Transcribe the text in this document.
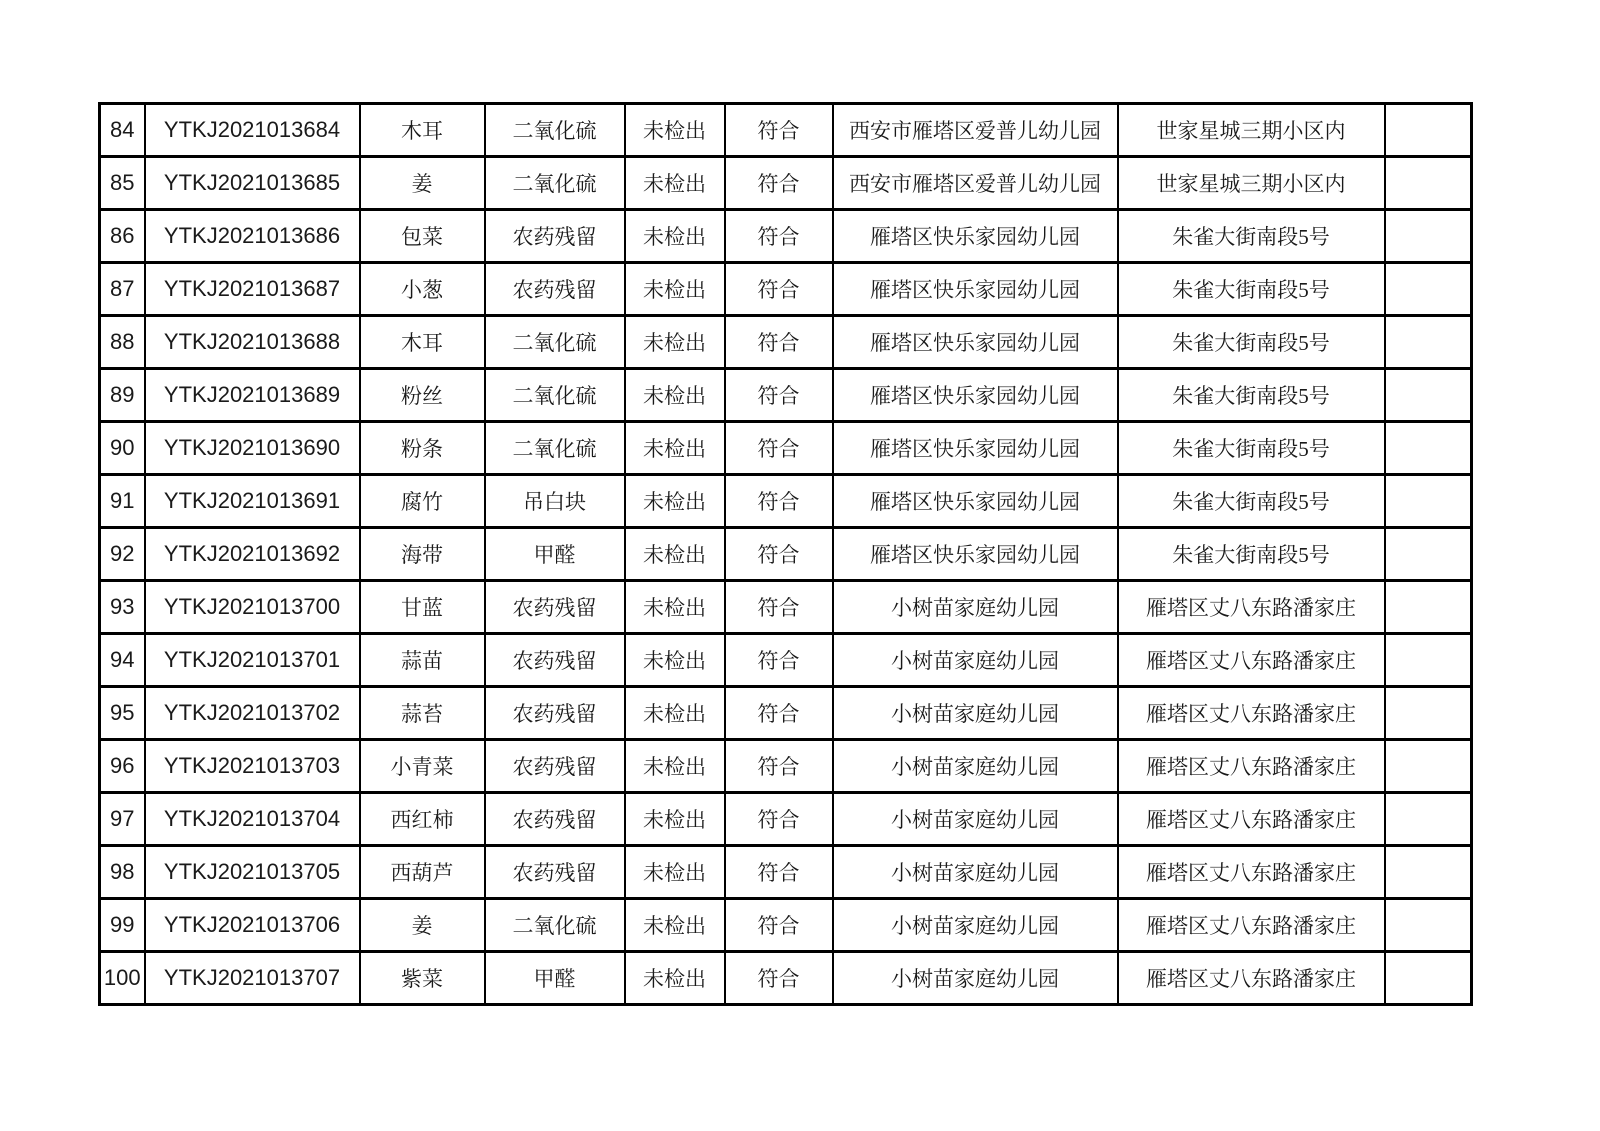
84	YTKJ2021013684	木耳	二氧化硫	未检出	符合	西安市雁塔区爱普儿幼儿园	世家星城三期小区内	
85	YTKJ2021013685	姜	二氧化硫	未检出	符合	西安市雁塔区爱普儿幼儿园	世家星城三期小区内	
86	YTKJ2021013686	包菜	农药残留	未检出	符合	雁塔区快乐家园幼儿园	朱雀大街南段5号	
87	YTKJ2021013687	小葱	农药残留	未检出	符合	雁塔区快乐家园幼儿园	朱雀大街南段5号	
88	YTKJ2021013688	木耳	二氧化硫	未检出	符合	雁塔区快乐家园幼儿园	朱雀大街南段5号	
89	YTKJ2021013689	粉丝	二氧化硫	未检出	符合	雁塔区快乐家园幼儿园	朱雀大街南段5号	
90	YTKJ2021013690	粉条	二氧化硫	未检出	符合	雁塔区快乐家园幼儿园	朱雀大街南段5号	
91	YTKJ2021013691	腐竹	吊白块	未检出	符合	雁塔区快乐家园幼儿园	朱雀大街南段5号	
92	YTKJ2021013692	海带	甲醛	未检出	符合	雁塔区快乐家园幼儿园	朱雀大街南段5号	
93	YTKJ2021013700	甘蓝	农药残留	未检出	符合	小树苗家庭幼儿园	雁塔区丈八东路潘家庄	
94	YTKJ2021013701	蒜苗	农药残留	未检出	符合	小树苗家庭幼儿园	雁塔区丈八东路潘家庄	
95	YTKJ2021013702	蒜苔	农药残留	未检出	符合	小树苗家庭幼儿园	雁塔区丈八东路潘家庄	
96	YTKJ2021013703	小青菜	农药残留	未检出	符合	小树苗家庭幼儿园	雁塔区丈八东路潘家庄	
97	YTKJ2021013704	西红柿	农药残留	未检出	符合	小树苗家庭幼儿园	雁塔区丈八东路潘家庄	
98	YTKJ2021013705	西葫芦	农药残留	未检出	符合	小树苗家庭幼儿园	雁塔区丈八东路潘家庄	
99	YTKJ2021013706	姜	二氧化硫	未检出	符合	小树苗家庭幼儿园	雁塔区丈八东路潘家庄	
100	YTKJ2021013707	紫菜	甲醛	未检出	符合	小树苗家庭幼儿园	雁塔区丈八东路潘家庄	
